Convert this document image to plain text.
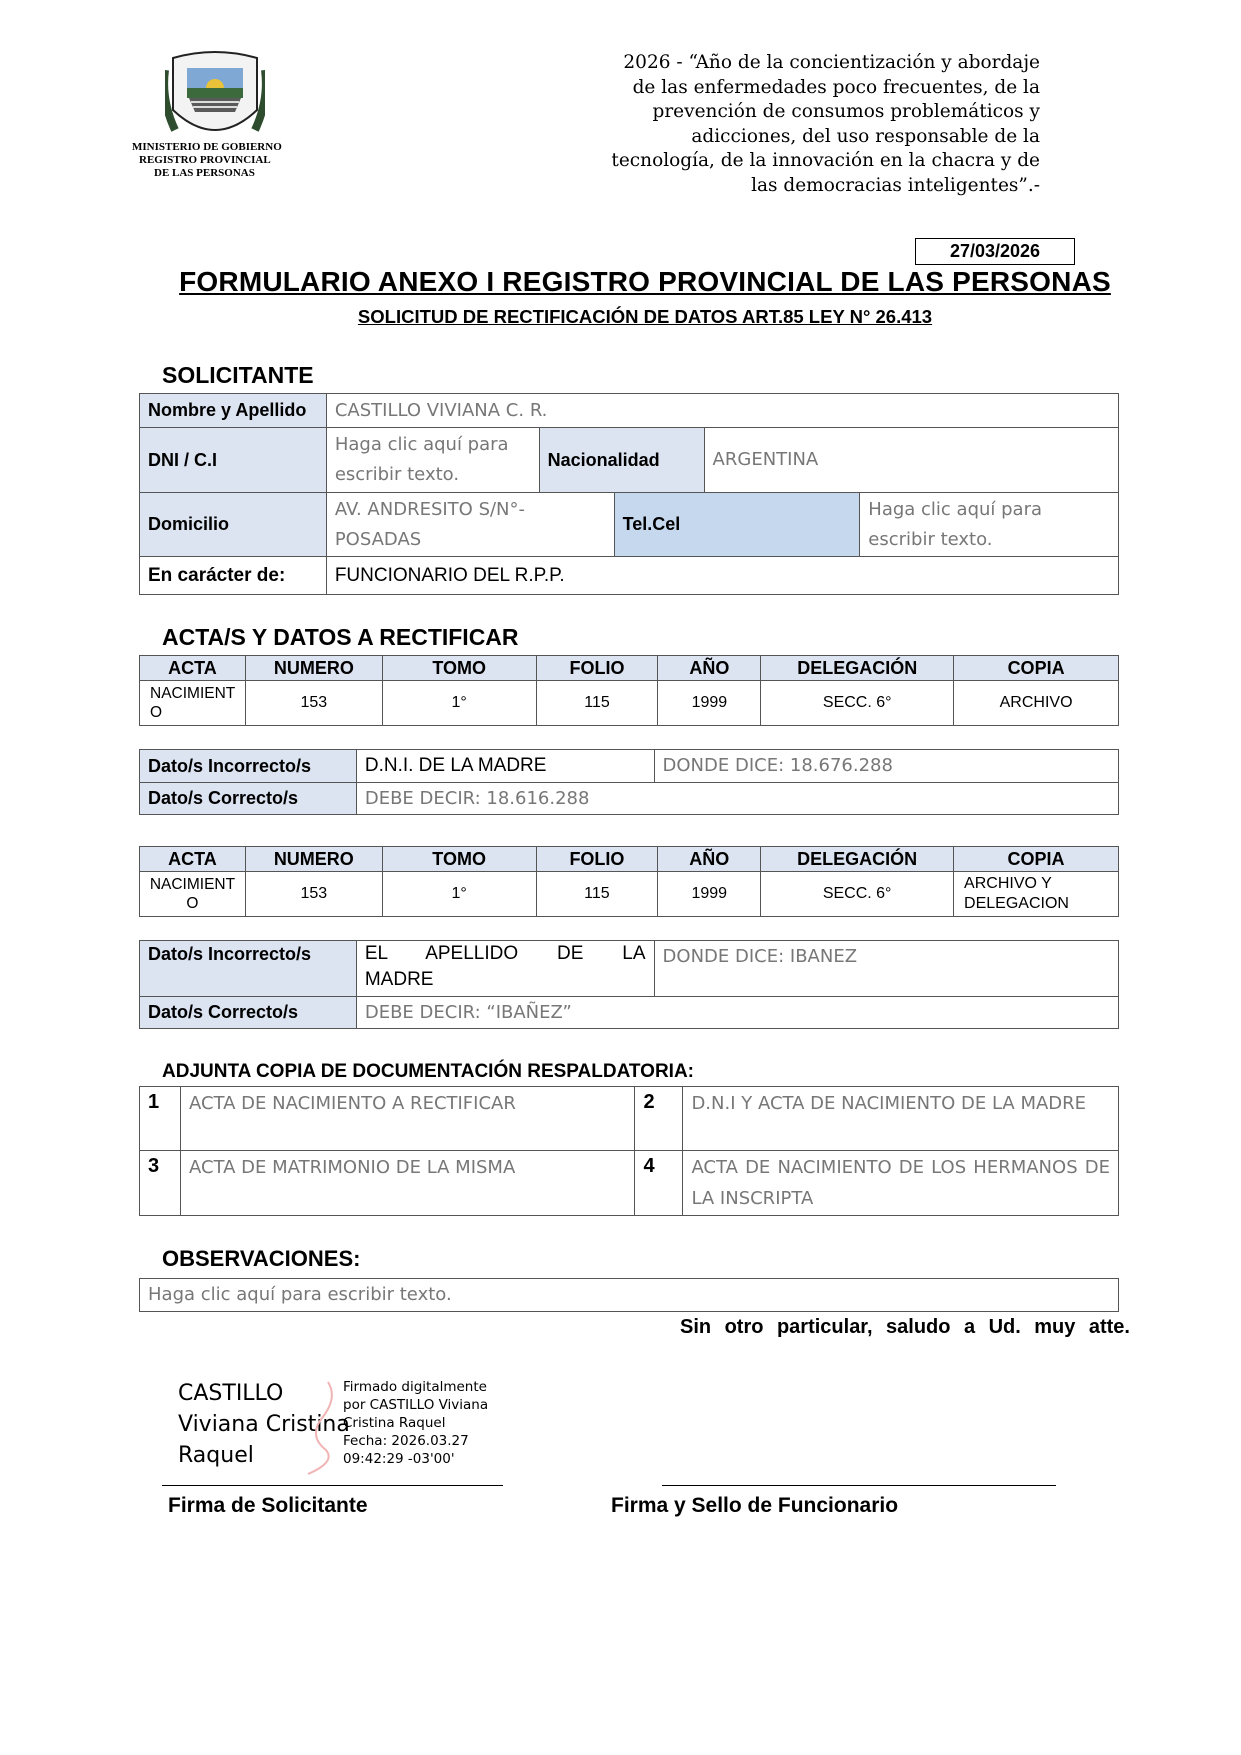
MINISTERIO DE GOBIERNO
REGISTRO PROVINCIAL
DE LAS PERSONAS
2026 - “Año de la concientización y abordaje
de las enfermedades poco frecuentes, de la
prevención de consumos problemáticos y
adicciones, del uso responsable de la
tecnología, de la innovación en la chacra y de
las democracias inteligentes”.-
27/03/2026
FORMULARIO ANEXO I REGISTRO PROVINCIAL DE LAS PERSONAS
SOLICITUD DE RECTIFICACIÓN DE DATOS ART.85 LEY N° 26.413
SOLICITANTE
Nombre y Apellido	CASTILLO VIVIANA C. R.				
DNI / C.I	Haga clic aquí para escribir texto.	Nacionalidad		ARGENTINA	
Domicilio	AV. ANDRESITO S/N°-POSADAS		Tel.Cel		Haga clic aquí para escribir texto.
En carácter de:	FUNCIONARIO DEL R.P.P.				
ACTA/S Y DATOS A RECTIFICAR
ACTA	NUMERO	TOMO	FOLIO	AÑO	DELEGACIÓN	COPIA
NACIMIENTO	153	1°	115	1999	SECC. 6°	ARCHIVO
Dato/s Incorrecto/s	D.N.I. DE LA MADRE	DONDE DICE: 18.676.288
Dato/s Correcto/s	DEBE DECIR: 18.616.288	
ACTA	NUMERO	TOMO	FOLIO	AÑO	DELEGACIÓN	COPIA
NACIMIENTO	153	1°	115	1999	SECC. 6°	ARCHIVO Y DELEGACION
Dato/s Incorrecto/s	EL APELLIDO DE LA MADRE	DONDE DICE: IBANEZ
Dato/s Correcto/s	DEBE DECIR: “IBAÑEZ”	
ADJUNTA COPIA DE DOCUMENTACIÓN RESPALDATORIA:
1	ACTA DE NACIMIENTO A RECTIFICAR	2	D.N.I Y ACTA DE NACIMIENTO DE LA MADRE
3	ACTA DE MATRIMONIO DE LA MISMA	4	ACTA DE NACIMIENTO DE LOS HERMANOS DE LA INSCRIPTA
OBSERVACIONES:
Haga clic aquí para escribir texto.
Sin otro particular, saludo a Ud. muy atte.
CASTILLO
Viviana Cristina
Raquel
Firmado digitalmente
por CASTILLO Viviana
Cristina Raquel
Fecha: 2026.03.27
09:42:29 -03'00'
Firma de Solicitante	Firma y Sello de Funcionario
